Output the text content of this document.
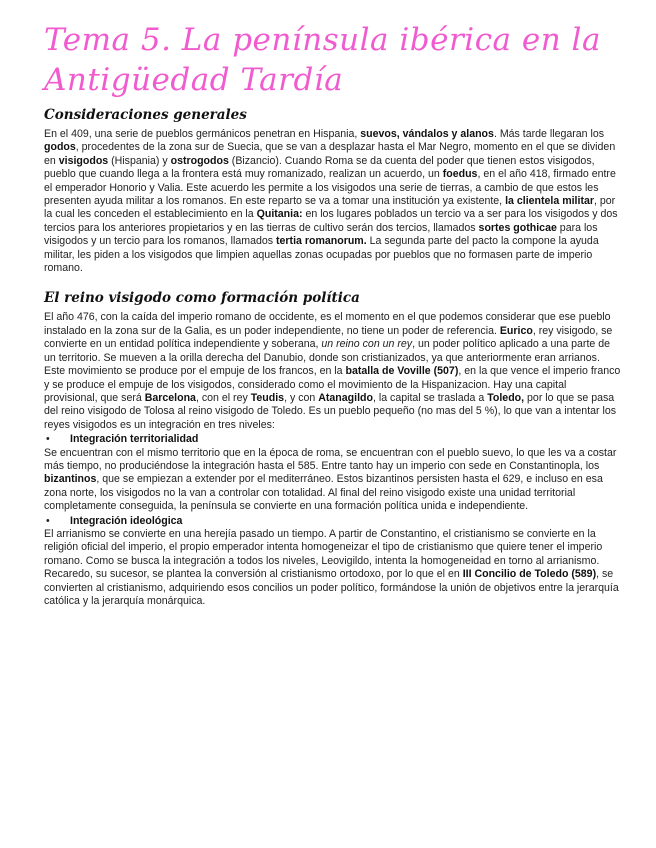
Tema 5. La península ibérica en la
Antigüedad Tardía
Consideraciones generales

En el 409, una serie de pueblos germánicos penetran en Hispania, suevos, vándalos y alanos. Más tarde llegaran los godos, procedentes de la zona sur de Suecia, que se van a desplazar hasta el Mar Negro, momento en el que se dividen en visigodos (Hispania) y ostrogodos (Bizancio). Cuando Roma se da cuenta del poder que tienen estos visigodos, pueblo que cuando llega a la frontera está muy romanizado, realizan un acuerdo, un foedus, en el año 418, firmado entre el emperador Honorio y Valia. Este acuerdo les permite a los visigodos una serie de tierras, a cambio de que estos les presenten ayuda militar a los romanos. En este reparto se va a tomar una institución ya existente, la clientela militar, por la cual les conceden el establecimiento en la Quitania: en los lugares poblados un tercio va a ser para los visigodos y dos tercios para los anteriores propietarios y en las tierras de cultivo serán dos tercios, llamados sortes gothicae para los visigodos y un tercio para los romanos, llamados tertia romanorum. La segunda parte del pacto la compone la ayuda militar, les piden a los visigodos que limpien aquellas zonas ocupadas por pueblos que no formasen parte de imperio romano.

El reino visigodo como formación política

El año 476, con la caída del imperio romano de occidente, es el momento en el que podemos considerar que ese pueblo instalado en la zona sur de la Galia, es un poder independiente, no tiene un poder de referencia. Eurico, rey visigodo, se convierte en un entidad política independiente y soberana, un reino con un rey, un poder político aplicado a una parte de un territorio. Se mueven a la orilla derecha del Danubio, donde son cristianizados, ya que anteriormente eran arrianos. Este movimiento se produce por el empuje de los francos, en la batalla de Voville (507), en la que vence el imperio franco y se produce el empuje de los visigodos, considerado como el movimiento de la Hispanizacion. Hay una capital provisional, que será Barcelona, con el rey Teudis, y con Atanagildo, la capital se traslada a Toledo, por lo que se pasa del reino visigodo de Tolosa al reino visigodo de Toledo. Es un pueblo pequeño (no mas del 5 %), lo que van a intentar los reyes visigodos es un integración en tres niveles:

•	Integración territorialidad

Se encuentran con el mismo territorio que en la época de roma, se encuentran con el pueblo suevo, lo que les va a costar más tiempo, no produciéndose la integración hasta el 585. Entre tanto hay un imperio con sede en Constantinopla, los bizantinos, que se empiezan a extender por el mediterráneo. Estos bizantinos persisten hasta el 629, e incluso en esa zona norte, los visigodos no la van a controlar con totalidad. Al final del reino visigodo existe una unidad territorial completamente conseguida, la península se convierte en una formación política unida e independiente.

•	Integración ideológica

El arrianismo se convierte en una herejía pasado un tiempo. A partir de Constantino, el cristianismo se convierte en la religión oficial del imperio, el propio emperador intenta homogeneizar el tipo de cristianismo que quiere tener el imperio romano. Como se busca la integración a todos los niveles, Leovigildo, intenta la homogeneidad en torno al arrianismo. Recaredo, su sucesor, se plantea la conversión al cristianismo ortodoxo, por lo que el en III Concilio de Toledo (589), se convierten al cristianismo, adquiriendo esos concilios un poder político, formándose la unión de objetivos entre la jerarquía católica y la jerarquía monárquica.
